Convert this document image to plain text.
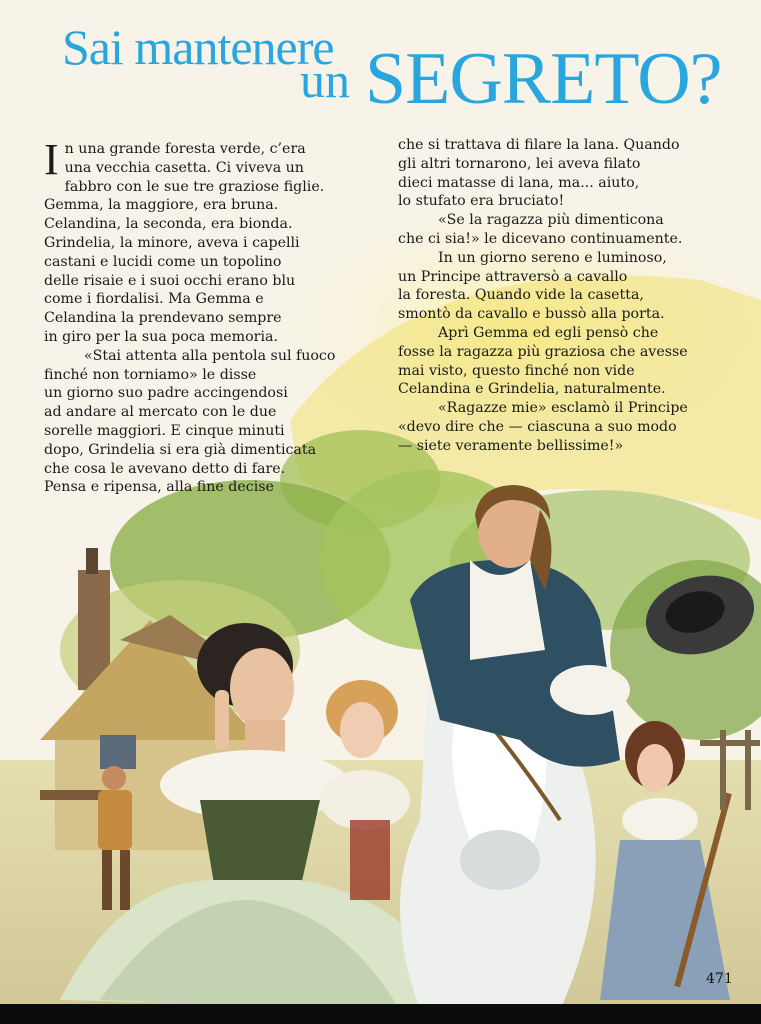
Sai mantenere
un SEGRETO?
I n una grande foresta verde, c’era
una vecchia casetta. Ci viveva un
fabbro con le sue tre graziose figlie.
Gemma, la maggiore, era bruna.
Celandina, la seconda, era bionda.
Grindelia, la minore, aveva i capelli
castani e lucidi come un topolino
delle risaie e i suoi occhi erano blu
come i fiordalisi. Ma Gemma e
Celandina la prendevano sempre
in giro per la sua poca memoria.

«Stai attenta alla pentola sul fuoco

finché non torniamo» le disse
un giorno suo padre accingendosi
ad andare al mercato con le due
sorelle maggiori. E cinque minuti
dopo, Grindelia si era già dimenticata
che cosa le avevano detto di fare.
Pensa e ripensa, alla fine decise

che si trattava di filare la lana. Quando
gli altri tornarono, lei aveva filato
dieci matasse di lana, ma... aiuto,
lo stufato era bruciato!

«Se la ragazza più dimenticona

che ci sia!» le dicevano continuamente.

In un giorno sereno e luminoso,

un Principe attraversò a cavallo
la foresta. Quando vide la casetta,
smontò da cavallo e bussò alla porta.

Aprì Gemma ed egli pensò che

fosse la ragazza più graziosa che avesse
mai visto, questo finché non vide
Celandina e Grindelia, naturalmente.

«Ragazze mie» esclamò il Principe

«devo dire che — ciascuna a suo modo
— siete veramente bellissime!»

471
